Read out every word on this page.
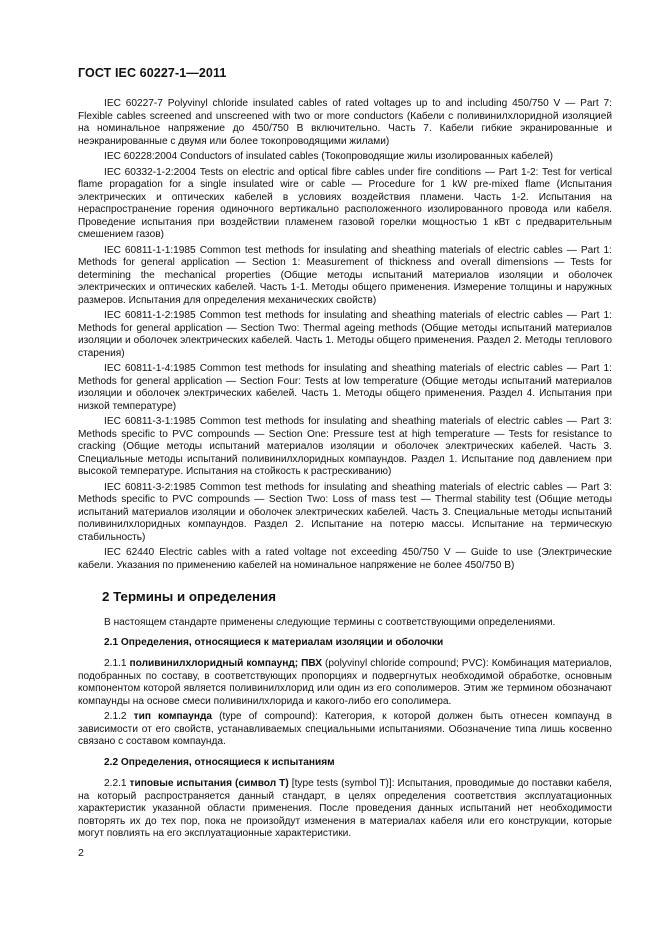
ГОСТ IEC 60227-1—2011

IEC 60227-7 Polyvinyl chloride insulated cables of rated voltages up to and including 450/750 V — Part 7: Flexible cables screened and unscreened with two or more conductors (Кабели с поливинилхлоридной изоляцией на номинальное напряжение до 450/750 В включительно. Часть 7. Кабели гибкие экранированные и неэкранированные с двумя или более токопроводящими жилами)

IEC 60228:2004 Conductors of insulated cables (Токопроводящие жилы изолированных кабелей)

IEC 60332-1-2:2004 Tests on electric and optical fibre cables under fire conditions — Part 1-2: Test for vertical flame propagation for a single insulated wire or cable — Procedure for 1 kW pre-mixed flame (Испытания электрических и оптических кабелей в условиях воздействия пламени. Часть 1-2. Испытания на нераспространение горения одиночного вертикально расположенного изолированного провода или кабеля. Проведение испытания при воздействии пламенем газовой горелки мощностью 1 кВт с предварительным смешением газов)

IEC 60811-1-1:1985 Common test methods for insulating and sheathing materials of electric cables — Part 1: Methods for general application — Section 1: Measurement of thickness and overall dimensions — Tests for determining the mechanical properties (Общие методы испытаний материалов изоляции и оболочек электрических и оптических кабелей. Часть 1-1. Методы общего применения. Измерение толщины и наружных размеров. Испытания для определения механических свойств)

IEC 60811-1-2:1985 Common test methods for insulating and sheathing materials of electric cables — Part 1: Methods for general application — Section Two: Thermal ageing methods (Общие методы испытаний материалов изоляции и оболочек электрических кабелей. Часть 1. Методы общего применения. Раздел 2. Методы теплового старения)

IEC 60811-1-4:1985 Common test methods for insulating and sheathing materials of electric cables — Part 1: Methods for general application — Section Four: Tests at low temperature (Общие методы испытаний материалов изоляции и оболочек электрических кабелей. Часть 1. Методы общего применения. Раздел 4. Испытания при низкой температуре)

IEC 60811-3-1:1985 Common test methods for insulating and sheathing materials of electric cables — Part 3: Methods specific to PVC compounds — Section One: Pressure test at high temperature — Tests for resistance to cracking (Общие методы испытаний материалов изоляции и оболочек электрических кабелей. Часть 3. Специальные методы испытаний поливинилхлоридных компаундов. Раздел 1. Испытание под давлением при высокой температуре. Испытания на стойкость к растрескиванию)

IEC 60811-3-2:1985 Common test methods for insulating and sheathing materials of electric cables — Part 3: Methods specific to PVC compounds — Section Two: Loss of mass test — Thermal stability test (Общие методы испытаний материалов изоляции и оболочек электрических кабелей. Часть 3. Специальные методы испытаний поливинилхлоридных компаундов. Раздел 2. Испытание на потерю массы. Испытание на термическую стабильность)

IEC 62440 Electric cables with a rated voltage not exceeding 450/750 V — Guide to use (Электрические кабели. Указания по применению кабелей на номинальное напряжение не более 450/750 В)

2 Термины и определения

В настоящем стандарте применены следующие термины с соответствующими определениями.

2.1 Определения, относящиеся к материалам изоляции и оболочки

2.1.1 поливинилхлоридный компаунд; ПВХ (polyvinyl chloride compound; PVC): Комбинация материалов, подобранных по составу, в соответствующих пропорциях и подвергнутых необходимой обработке, основным компонентом которой является поливинилхлорид или один из его сополимеров. Этим же термином обозначают компаунды на основе смеси поливинилхлорида и какого-либо его сополимера.

2.1.2 тип компаунда (type of compound): Категория, к которой должен быть отнесен компаунд в зависимости от его свойств, устанавливаемых специальными испытаниями. Обозначение типа лишь косвенно связано с составом компаунда.

2.2 Определения, относящиеся к испытаниям

2.2.1 типовые испытания (символ Т) [type tests (symbol T)]: Испытания, проводимые до поставки кабеля, на который распространяется данный стандарт, в целях определения соответствия эксплуатационных характеристик указанной области применения. После проведения данных испытаний нет необходимости повторять их до тех пор, пока не произойдут изменения в материалах кабеля или его конструкции, которые могут повлиять на его эксплуатационные характеристики.

2
